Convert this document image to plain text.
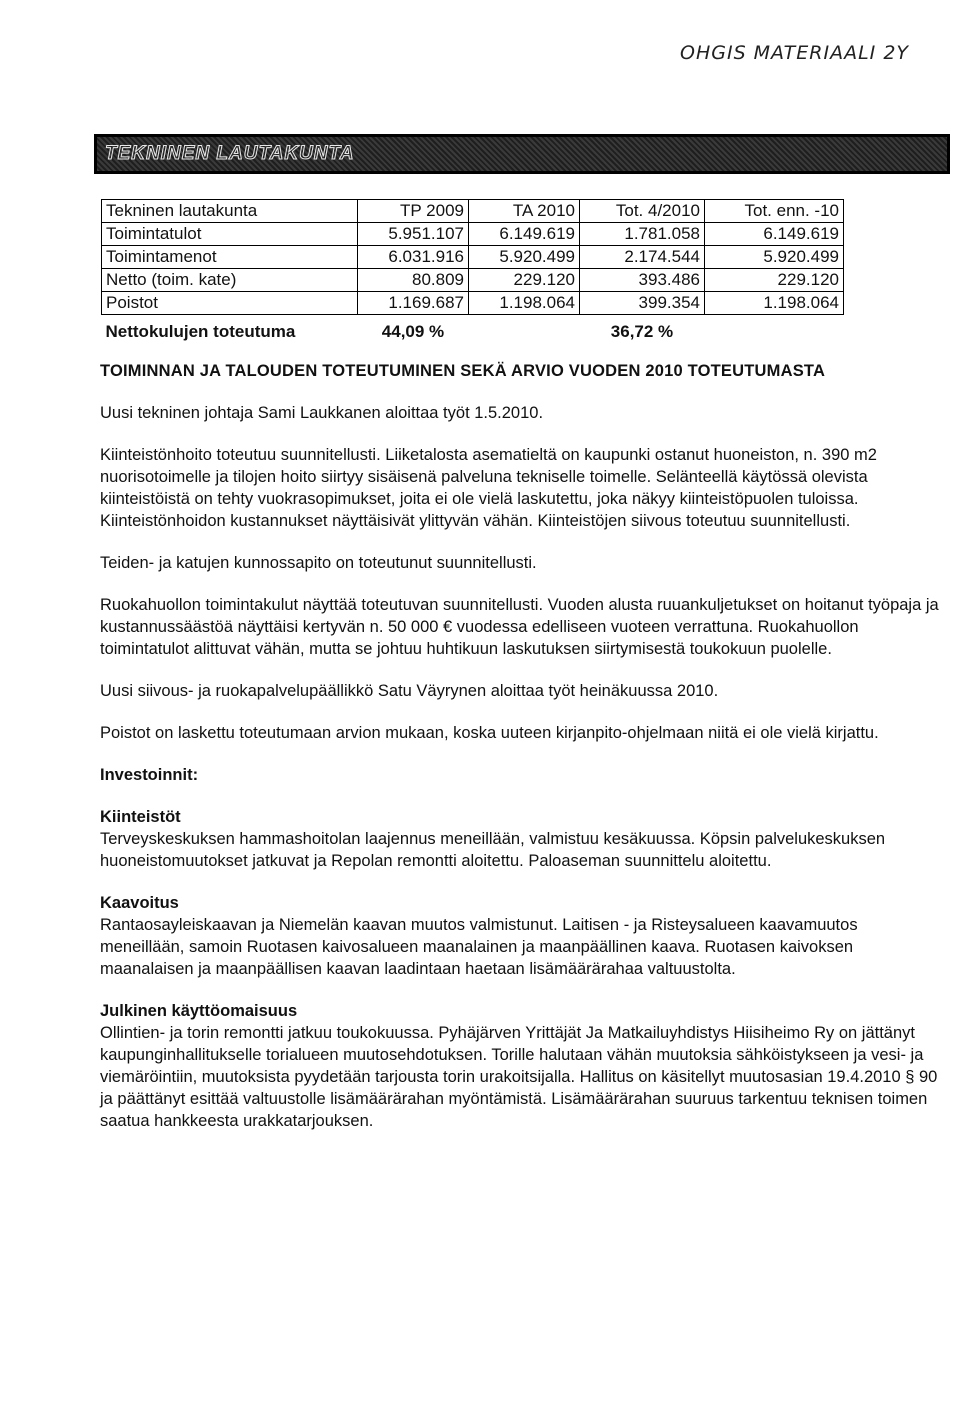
OHGIS MATERIAALI 2Y
TEKNINEN LAUTAKUNTA
Tekninen lautakunta	TP 2009	TA 2010	Tot. 4/2010	Tot. enn. -10
Toimintatulot	5.951.107	6.149.619	1.781.058	6.149.619
Toimintamenot	6.031.916	5.920.499	2.174.544	5.920.499
Netto (toim. kate)	80.809	229.120	393.486	229.120
Poistot	1.169.687	1.198.064	399.354	1.198.064
Nettokulujen toteutuma	44,09 %		36,72 %	
TOIMINNAN JA TALOUDEN TOTEUTUMINEN SEKÄ ARVIO VUODEN 2010 TOTEUTUMASTA

Uusi tekninen johtaja Sami Laukkanen aloittaa työt 1.5.2010.

Kiinteistönhoito toteutuu suunnitellusti. Liiketalosta asematieltä on kaupunki ostanut huoneiston, n. 390 m2 nuorisotoimelle ja tilojen hoito siirtyy sisäisenä palveluna tekniselle toimelle. Selänteellä käytössä olevista kiinteistöistä on tehty vuokrasopimukset, joita ei ole vielä laskutettu, joka näkyy kiinteistöpuolen tuloissa. Kiinteistönhoidon kustannukset näyttäisivät ylittyvän vähän. Kiinteistöjen siivous toteutuu suunnitellusti.

Teiden- ja katujen kunnossapito on toteutunut suunnitellusti.

Ruokahuollon toimintakulut näyttää toteutuvan suunnitellusti. Vuoden alusta ruuankuljetukset on hoitanut työpaja ja kustannussäästöä näyttäisi kertyvän n. 50 000 € vuodessa edelliseen vuoteen verrattuna. Ruokahuollon toimintatulot alittuvat vähän, mutta se johtuu huhtikuun laskutuksen siirtymisestä toukokuun puolelle.

Uusi siivous- ja ruokapalvelupäällikkö Satu Väyrynen aloittaa työt heinäkuussa 2010.

Poistot on laskettu toteutumaan arvion mukaan, koska uuteen kirjanpito-ohjelmaan niitä ei ole vielä kirjattu.

Investoinnit:
Kiinteistöt

Terveyskeskuksen hammashoitolan laajennus meneillään, valmistuu kesäkuussa. Köpsin palvelukeskuksen huoneistomuutokset jatkuvat ja Repolan remontti aloitettu. Paloaseman suunnittelu aloitettu.

Kaavoitus

Rantaosayleiskaavan ja Niemelän kaavan muutos valmistunut. Laitisen - ja Risteysalueen kaavamuutos meneillään, samoin Ruotasen kaivosalueen maanalainen ja maanpäällinen kaava. Ruotasen kaivoksen maanalaisen ja maanpäällisen kaavan laadintaan haetaan lisämäärärahaa valtuustolta.

Julkinen käyttöomaisuus

Ollintien- ja torin remontti jatkuu toukokuussa. Pyhäjärven Yrittäjät Ja Matkailuyhdistys Hiisiheimo Ry on jättänyt kaupunginhallitukselle torialueen muutosehdotuksen. Torille halutaan vähän muutoksia sähköistykseen ja vesi- ja viemäröintiin, muutoksista pyydetään tarjousta torin urakoitsijalla. Hallitus on käsitellyt muutosasian 19.4.2010 § 90 ja päättänyt esittää valtuustolle lisämäärärahan myöntämistä. Lisämäärärahan suuruus tarkentuu teknisen toimen saatua hankkeesta urakkatarjouksen.
